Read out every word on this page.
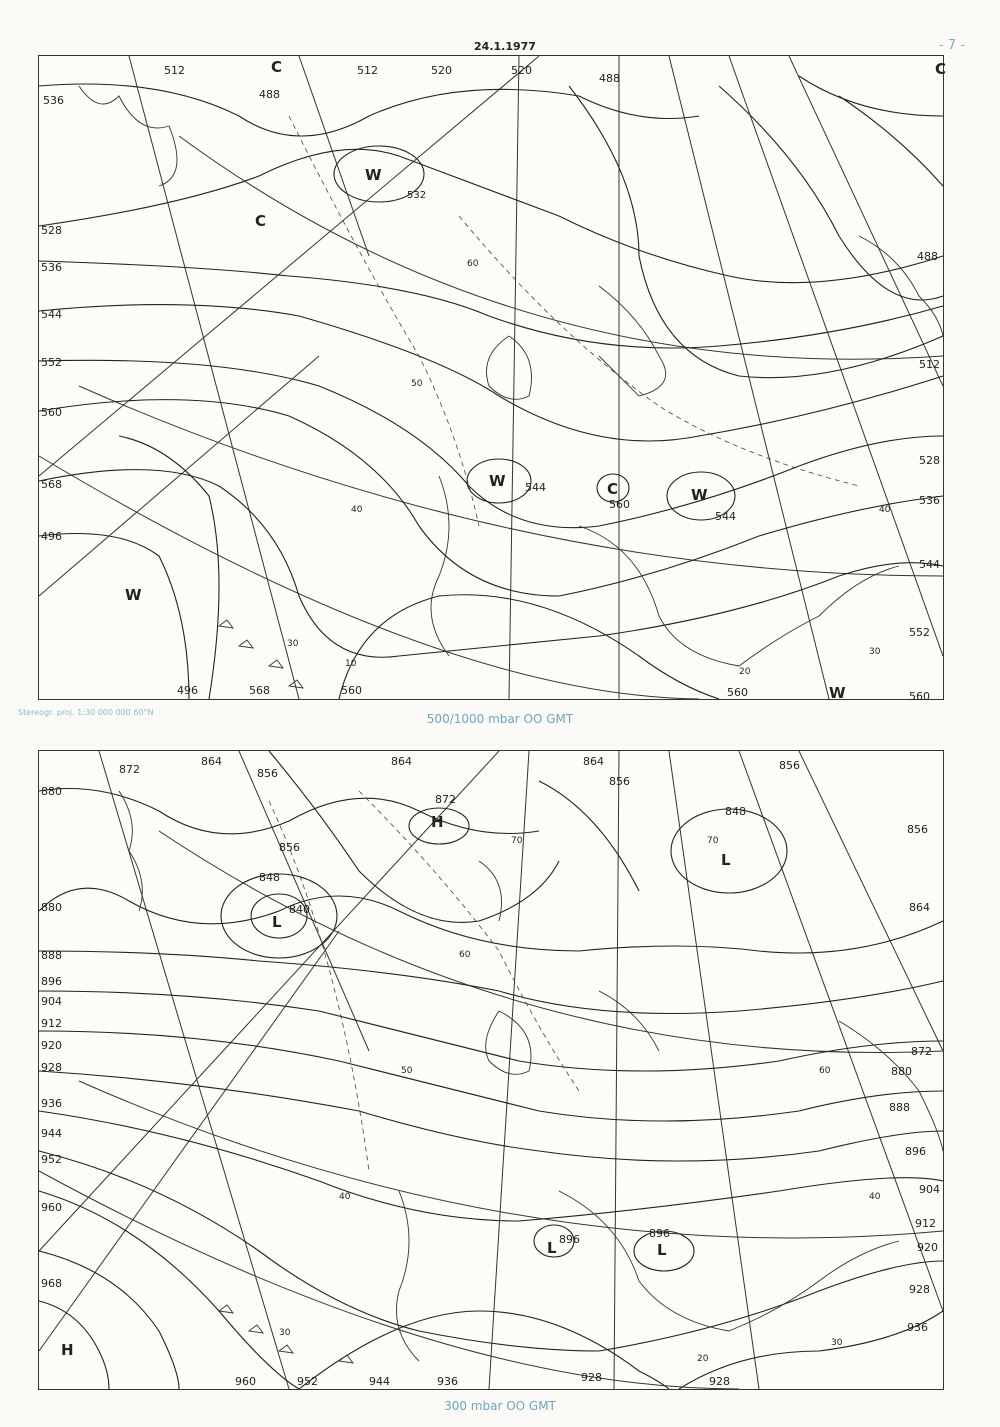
24.1.1977	- 7 -
536
528
536
544
552
560
568
496
496	568	560
512	512	520	520
488
488
512
528
536
544
552
560
560
544
560
544
488
532
60
50
40
30
20
10
40
30
W
W
W
W
W
C
C
C	C
Stereogr. proj. 1:30 000 000 60°N	500/1000 mbar OO GMT
872
864
856
864	864
856
856
848
848
840
856
872
880
880
888
896
904
912
920
928
936
944
952
960
968
960	952	944	936	928	928
872
880
888
896
904
912
920
928
936
856
864
896	896
70	70
60
50
40
30
20
40
30
60
H
L
L
L	L
H
300 mbar OO GMT
